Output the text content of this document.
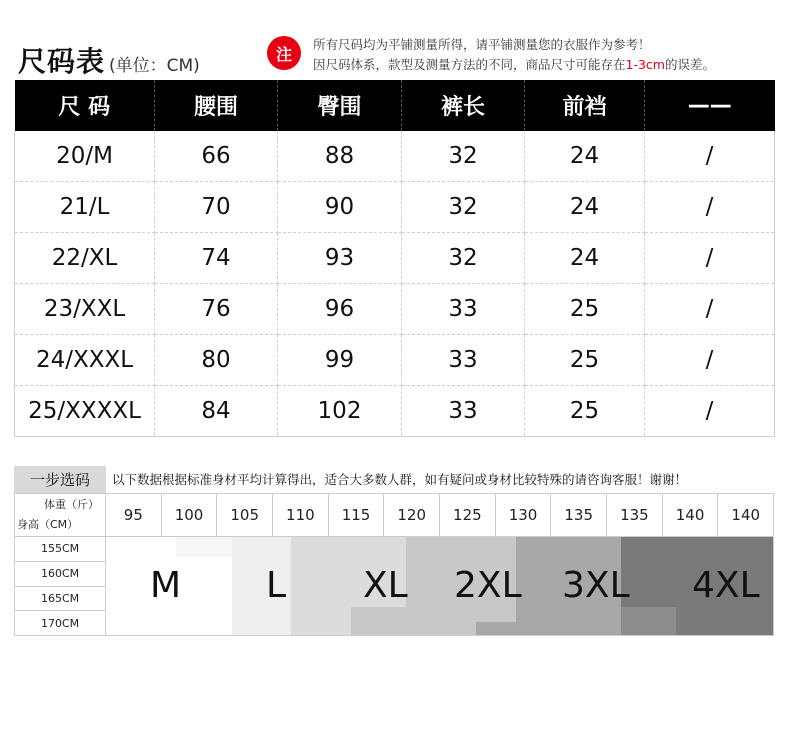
尺码表 (单位：CM)
注	所有尺码均为平铺测量所得，请平铺测量您的衣服作为参考！
因尺码体系，款型及测量方法的不同，商品尺寸可能存在1-3cm的误差。
尺 码	腰围	臀围	裤长	前裆	——
20/M	66	88	32	24	/
21/L	70	90	32	24	/
22/XL	74	93	32	24	/
23/XXL	76	96	33	25	/
24/XXXL	80	99	33	25	/
25/XXXXL	84	102	33	25	/
一步选码	以下数据根据标准身材平均计算得出，适合大多数人群，如有疑问或身材比较特殊的请咨询客服！谢谢！
体重（斤）
身高（CM）
95	100	105	110	115	120	125	130	135	135	140	140
155CM
160CM
165CM
170CM
M L XL 2XL 3XL 4XL
